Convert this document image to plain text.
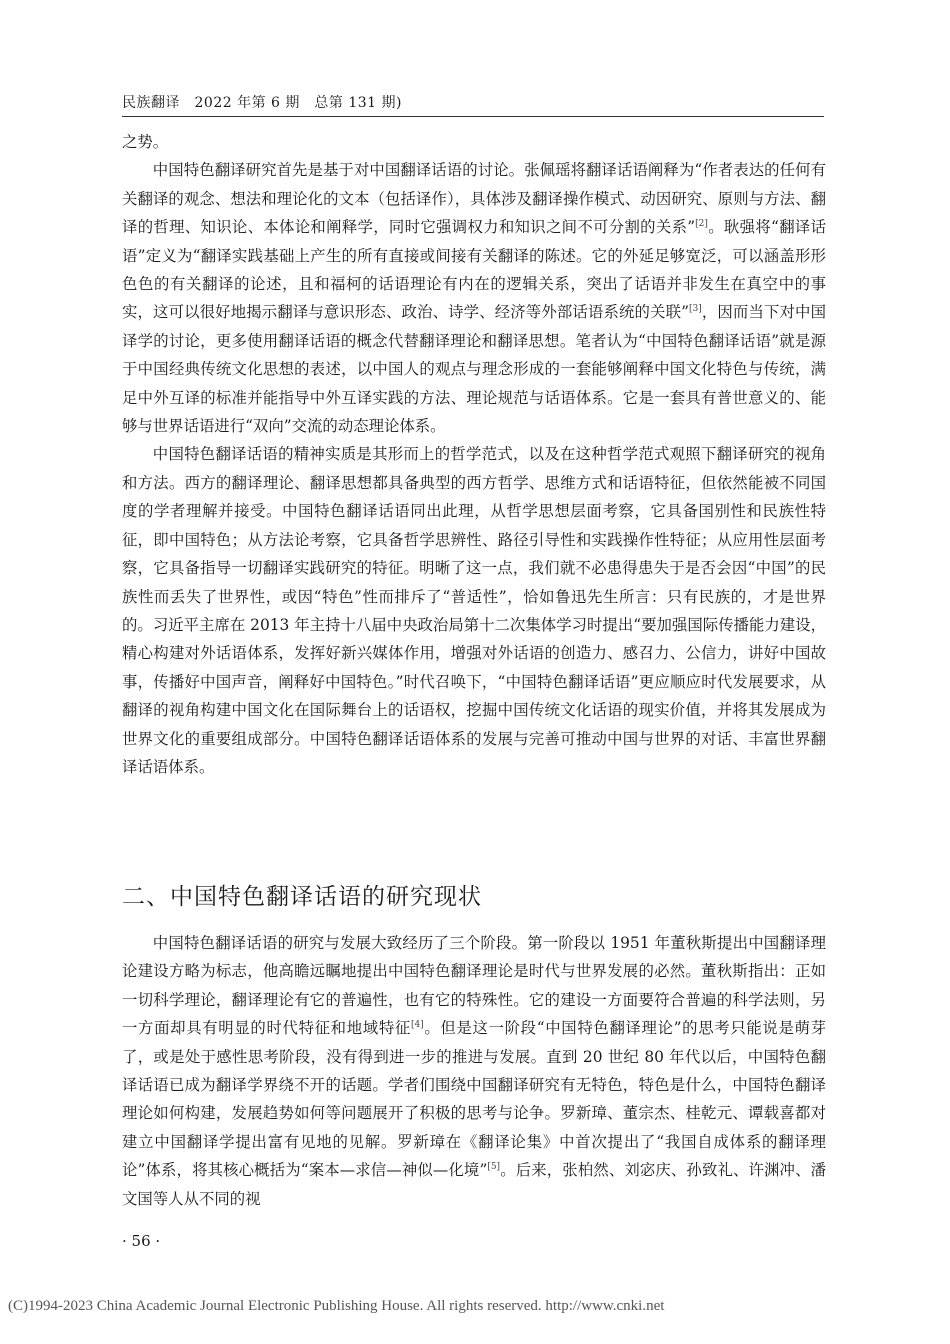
民族翻译　2022 年第 6 期　总第 131 期)

之势。

中国特色翻译研究首先是基于对中国翻译话语的讨论。张佩瑶将翻译话语阐释为“作者表达的任何有关翻译的观念、想法和理论化的文本（包括译作），具体涉及翻译操作模式、动因研究、原则与方法、翻译的哲理、知识论、本体论和阐释学，同时它强调权力和知识之间不可分割的关系”[2]。耿强将“翻译话语”定义为“翻译实践基础上产生的所有直接或间接有关翻译的陈述。它的外延足够宽泛，可以涵盖形形色色的有关翻译的论述，且和福柯的话语理论有内在的逻辑关系，突出了话语并非发生在真空中的事实，这可以很好地揭示翻译与意识形态、政治、诗学、经济等外部话语系统的关联”[3]，因而当下对中国译学的讨论，更多使用翻译话语的概念代替翻译理论和翻译思想。笔者认为“中国特色翻译话语”就是源于中国经典传统文化思想的表述，以中国人的观点与理念形成的一套能够阐释中国文化特色与传统，满足中外互译的标准并能指导中外互译实践的方法、理论规范与话语体系。它是一套具有普世意义的、能够与世界话语进行“双向”交流的动态理论体系。

中国特色翻译话语的精神实质是其形而上的哲学范式，以及在这种哲学范式观照下翻译研究的视角和方法。西方的翻译理论、翻译思想都具备典型的西方哲学、思维方式和话语特征，但依然能被不同国度的学者理解并接受。中国特色翻译话语同出此理，从哲学思想层面考察，它具备国别性和民族性特征，即中国特色；从方法论考察，它具备哲学思辨性、路径引导性和实践操作性特征；从应用性层面考察，它具备指导一切翻译实践研究的特征。明晰了这一点，我们就不必患得患失于是否会因“中国”的民族性而丢失了世界性，或因“特色”性而排斥了“普适性”，恰如鲁迅先生所言：只有民族的，才是世界的。习近平主席在 2013 年主持十八届中央政治局第十二次集体学习时提出“要加强国际传播能力建设，精心构建对外话语体系，发挥好新兴媒体作用，增强对外话语的创造力、感召力、公信力，讲好中国故事，传播好中国声音，阐释好中国特色。”时代召唤下，“中国特色翻译话语”更应顺应时代发展要求，从翻译的视角构建中国文化在国际舞台上的话语权，挖掘中国传统文化话语的现实价值，并将其发展成为世界文化的重要组成部分。中国特色翻译话语体系的发展与完善可推动中国与世界的对话、丰富世界翻译话语体系。

二、中国特色翻译话语的研究现状

中国特色翻译话语的研究与发展大致经历了三个阶段。第一阶段以 1951 年董秋斯提出中国翻译理论建设方略为标志，他高瞻远瞩地提出中国特色翻译理论是时代与世界发展的必然。董秋斯指出：正如一切科学理论，翻译理论有它的普遍性，也有它的特殊性。它的建设一方面要符合普遍的科学法则，另一方面却具有明显的时代特征和地域特征[4]。但是这一阶段“中国特色翻译理论”的思考只能说是萌芽了，或是处于感性思考阶段，没有得到进一步的推进与发展。直到 20 世纪 80 年代以后，中国特色翻译话语已成为翻译学界绕不开的话题。学者们围绕中国翻译研究有无特色，特色是什么，中国特色翻译理论如何构建，发展趋势如何等问题展开了积极的思考与论争。罗新璋、董宗杰、桂乾元、谭载喜都对建立中国翻译学提出富有见地的见解。罗新璋在《翻译论集》中首次提出了“我国自成体系的翻译理论”体系，将其核心概括为“案本—求信—神似—化境”[5]。后来，张柏然、刘宓庆、孙致礼、许渊冲、潘文国等人从不同的视

· 56 ·
(C)1994-2023 China Academic Journal Electronic Publishing House. All rights reserved. http://www.cnki.net
